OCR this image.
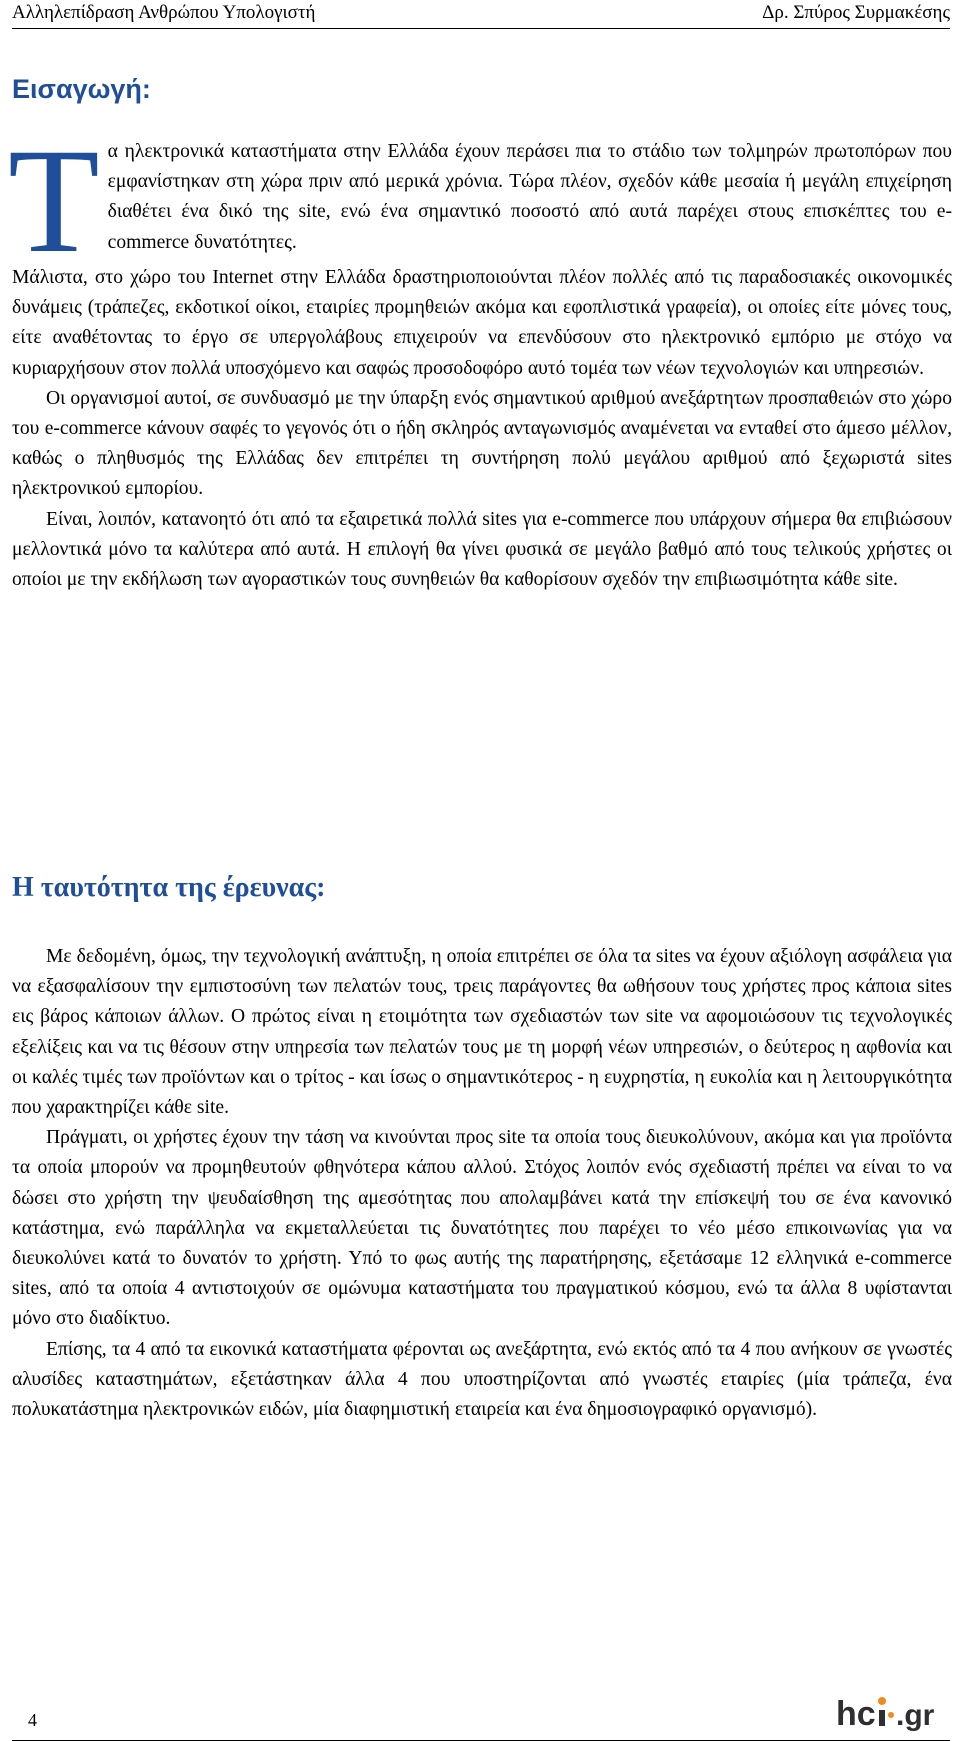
Αλληλεπίδραση Ανθρώπου Υπολογιστή	Δρ. Σπύρος Συρμακέσης
Εισαγωγή:

Τα ηλεκτρονικά καταστήματα στην Ελλάδα έχουν περάσει πια το στάδιο των τολμηρών πρωτοπόρων που εμφανίστηκαν στη χώρα πριν από μερικά χρόνια. Τώρα πλέον, σχεδόν κάθε μεσαία ή μεγάλη επιχείρηση διαθέτει ένα δικό της site, ενώ ένα σημαντικό ποσοστό από αυτά παρέχει στους επισκέπτες του e-commerce δυνατότητες.

Μάλιστα, στο χώρο του Internet στην Ελλάδα δραστηριοποιούνται πλέον πολλές από τις παραδοσιακές οικονομικές δυνάμεις (τράπεζες, εκδοτικοί οίκοι, εταιρίες προμηθειών ακόμα και εφοπλιστικά γραφεία), οι οποίες είτε μόνες τους, είτε αναθέτοντας το έργο σε υπεργολάβους επιχειρούν να επενδύσουν στο ηλεκτρονικό εμπόριο με στόχο να κυριαρχήσουν στον πολλά υποσχόμενο και σαφώς προσοδοφόρο αυτό τομέα των νέων τεχνολογιών και υπηρεσιών.

Οι οργανισμοί αυτοί, σε συνδυασμό με την ύπαρξη ενός σημαντικού αριθμού ανεξάρτητων προσπαθειών στο χώρο του e-commerce κάνουν σαφές το γεγονός ότι ο ήδη σκληρός ανταγωνισμός αναμένεται να ενταθεί στο άμεσο μέλλον, καθώς ο πληθυσμός της Ελλάδας δεν επιτρέπει τη συντήρηση πολύ μεγάλου αριθμού από ξεχωριστά sites ηλεκτρονικού εμπορίου.

Είναι, λοιπόν, κατανοητό ότι από τα εξαιρετικά πολλά sites για e-commerce που υπάρχουν σήμερα θα επιβιώσουν μελλοντικά μόνο τα καλύτερα από αυτά. Η επιλογή θα γίνει φυσικά σε μεγάλο βαθμό από τους τελικούς χρήστες οι οποίοι με την εκδήλωση των αγοραστικών τους συνηθειών θα καθορίσουν σχεδόν την επιβιωσιμότητα κάθε site.

Η ταυτότητα της έρευνας:

Με δεδομένη, όμως, την τεχνολογική ανάπτυξη, η οποία επιτρέπει σε όλα τα sites να έχουν αξιόλογη ασφάλεια για να εξασφαλίσουν την εμπιστοσύνη των πελατών τους, τρεις παράγοντες θα ωθήσουν τους χρήστες προς κάποια sites εις βάρος κάποιων άλλων. Ο πρώτος είναι η ετοιμότητα των σχεδιαστών των site να αφομοιώσουν τις τεχνολογικές εξελίξεις και να τις θέσουν στην υπηρεσία των πελατών τους με τη μορφή νέων υπηρεσιών, ο δεύτερος η αφθονία και οι καλές τιμές των προϊόντων και ο τρίτος - και ίσως ο σημαντικότερος - η ευχρηστία, η ευκολία και η λειτουργικότητα που χαρακτηρίζει κάθε site.

Πράγματι, οι χρήστες έχουν την τάση να κινούνται προς site τα οποία τους διευκολύνουν, ακόμα και για προϊόντα τα οποία μπορούν να προμηθευτούν φθηνότερα κάπου αλλού. Στόχος λοιπόν ενός σχεδιαστή πρέπει να είναι το να δώσει στο χρήστη την ψευδαίσθηση της αμεσότητας που απολαμβάνει κατά την επίσκεψή του σε ένα κανονικό κατάστημα, ενώ παράλληλα να εκμεταλλεύεται τις δυνατότητες που παρέχει το νέο μέσο επικοινωνίας για να διευκολύνει κατά το δυνατόν το χρήστη. Υπό το φως αυτής της παρατήρησης, εξετάσαμε 12 ελληνικά e-commerce sites, από τα οποία 4 αντιστοιχούν σε ομώνυμα καταστήματα του πραγματικού κόσμου, ενώ τα άλλα 8 υφίστανται μόνο στο διαδίκτυο.

Επίσης, τα 4 από τα εικονικά καταστήματα φέρονται ως ανεξάρτητα, ενώ εκτός από τα 4 που ανήκουν σε γνωστές αλυσίδες καταστημάτων, εξετάστηκαν άλλα 4 που υποστηρίζονται από γνωστές εταιρίες (μία τράπεζα, ένα πολυκατάστημα ηλεκτρονικών ειδών, μία διαφημιστική εταιρεία και ένα δημοσιογραφικό οργανισμό).

4	hc .gr
